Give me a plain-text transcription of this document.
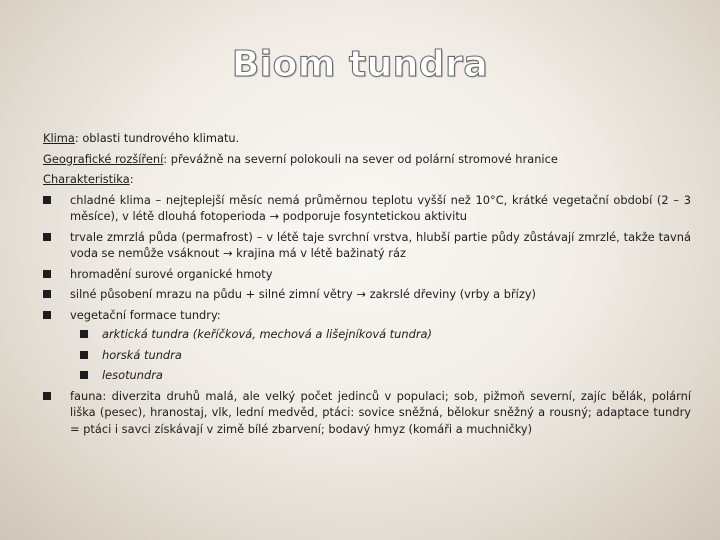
Biom tundra

Klima: oblasti tundrového klimatu.

Geografické rozšíření: převážně na severní polokouli na sever od polární stromové hranice

Charakteristika:

chladné klima – nejteplejší měsíc nemá průměrnou teplotu vyšší než 10°C, krátké vegetační období (2 – 3 měsíce), v létě dlouhá fotoperioda → podporuje fosyntetickou aktivitu
trvale zmrzlá půda (permafrost) – v létě taje svrchní vrstva, hlubší partie půdy zůstávají zmrzlé, takže tavná voda se nemůže vsáknout → krajina má v létě bažinatý ráz
hromadění surové organické hmoty
silné působení mrazu na půdu + silné zimní větry → zakrslé dřeviny (vrby a břízy)
vegetační formace tundry:
arktická tundra (keříčková, mechová a lišejníková tundra)
horská tundra
lesotundra
fauna: diverzita druhů malá, ale velký počet jedinců v populaci; sob, pižmoň severní, zajíc bělák, polární liška (pesec), hranostaj, vlk, lední medvěd, ptáci: sovice sněžná, bělokur sněžný a rousný; adaptace tundry = ptáci i savci získávají v zimě bílé zbarvení; bodavý hmyz (komáři a muchničky)
